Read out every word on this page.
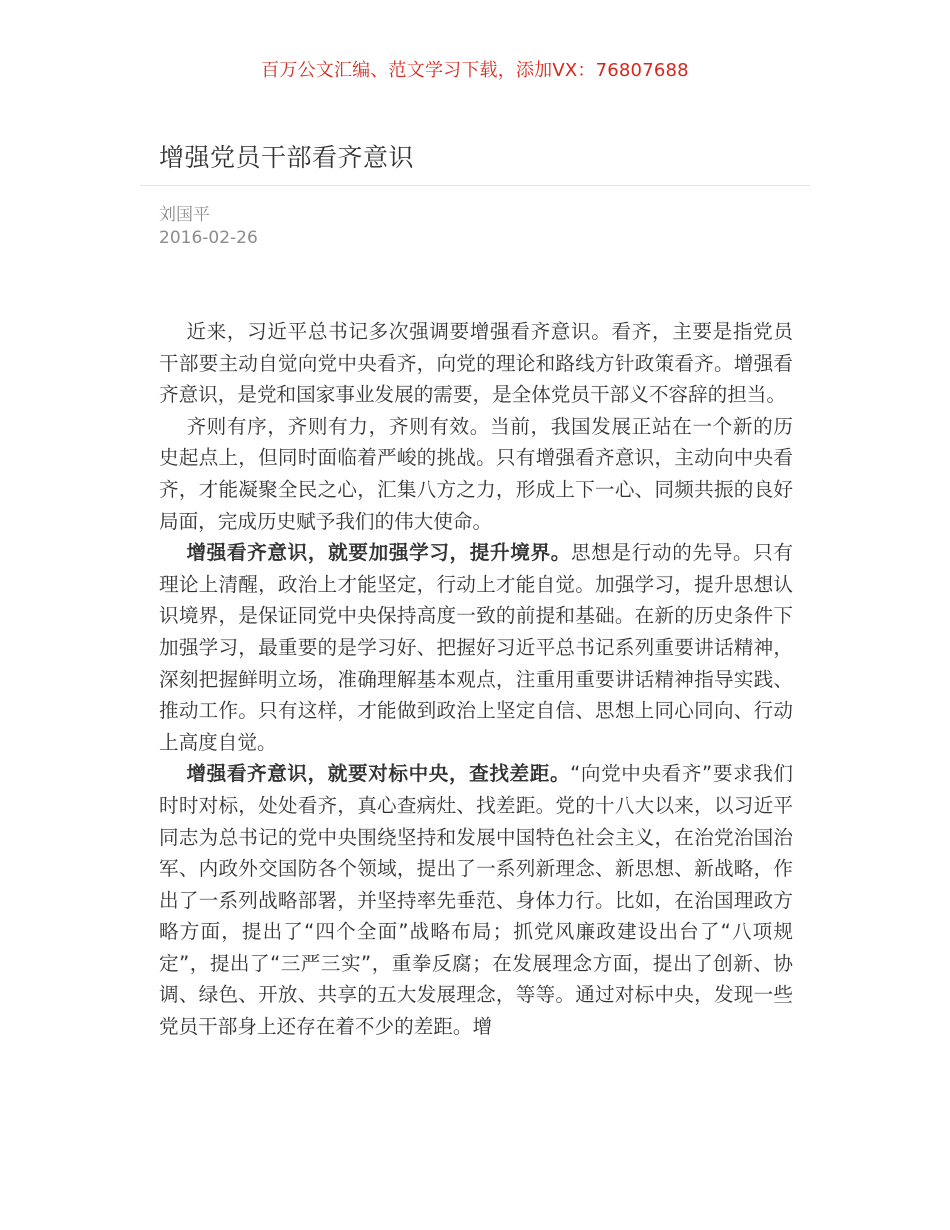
百万公文汇编、范文学习下载，添加VX：76807688
增强党员干部看齐意识
刘国平
2016-02-26

近来，习近平总书记多次强调要增强看齐意识。看齐，主要是指党员干部要主动自觉向党中央看齐，向党的理论和路线方针政策看齐。增强看齐意识，是党和国家事业发展的需要，是全体党员干部义不容辞的担当。

齐则有序，齐则有力，齐则有效。当前，我国发展正站在一个新的历史起点上，但同时面临着严峻的挑战。只有增强看齐意识，主动向中央看齐，才能凝聚全民之心，汇集八方之力，形成上下一心、同频共振的良好局面，完成历史赋予我们的伟大使命。

增强看齐意识，就要加强学习，提升境界。思想是行动的先导。只有理论上清醒，政治上才能坚定，行动上才能自觉。加强学习，提升思想认识境界，是保证同党中央保持高度一致的前提和基础。在新的历史条件下加强学习，最重要的是学习好、把握好习近平总书记系列重要讲话精神，深刻把握鲜明立场，准确理解基本观点，注重用重要讲话精神指导实践、推动工作。只有这样，才能做到政治上坚定自信、思想上同心同向、行动上高度自觉。

增强看齐意识，就要对标中央，查找差距。“向党中央看齐”要求我们时时对标，处处看齐，真心查病灶、找差距。党的十八大以来，以习近平同志为总书记的党中央围绕坚持和发展中国特色社会主义，在治党治国治军、内政外交国防各个领域，提出了一系列新理念、新思想、新战略，作出了一系列战略部署，并坚持率先垂范、身体力行。比如，在治国理政方略方面，提出了“四个全面”战略布局；抓党风廉政建设出台了“八项规定”，提出了“三严三实”，重拳反腐；在发展理念方面，提出了创新、协调、绿色、开放、共享的五大发展理念，等等。通过对标中央，发现一些党员干部身上还存在着不少的差距。增
